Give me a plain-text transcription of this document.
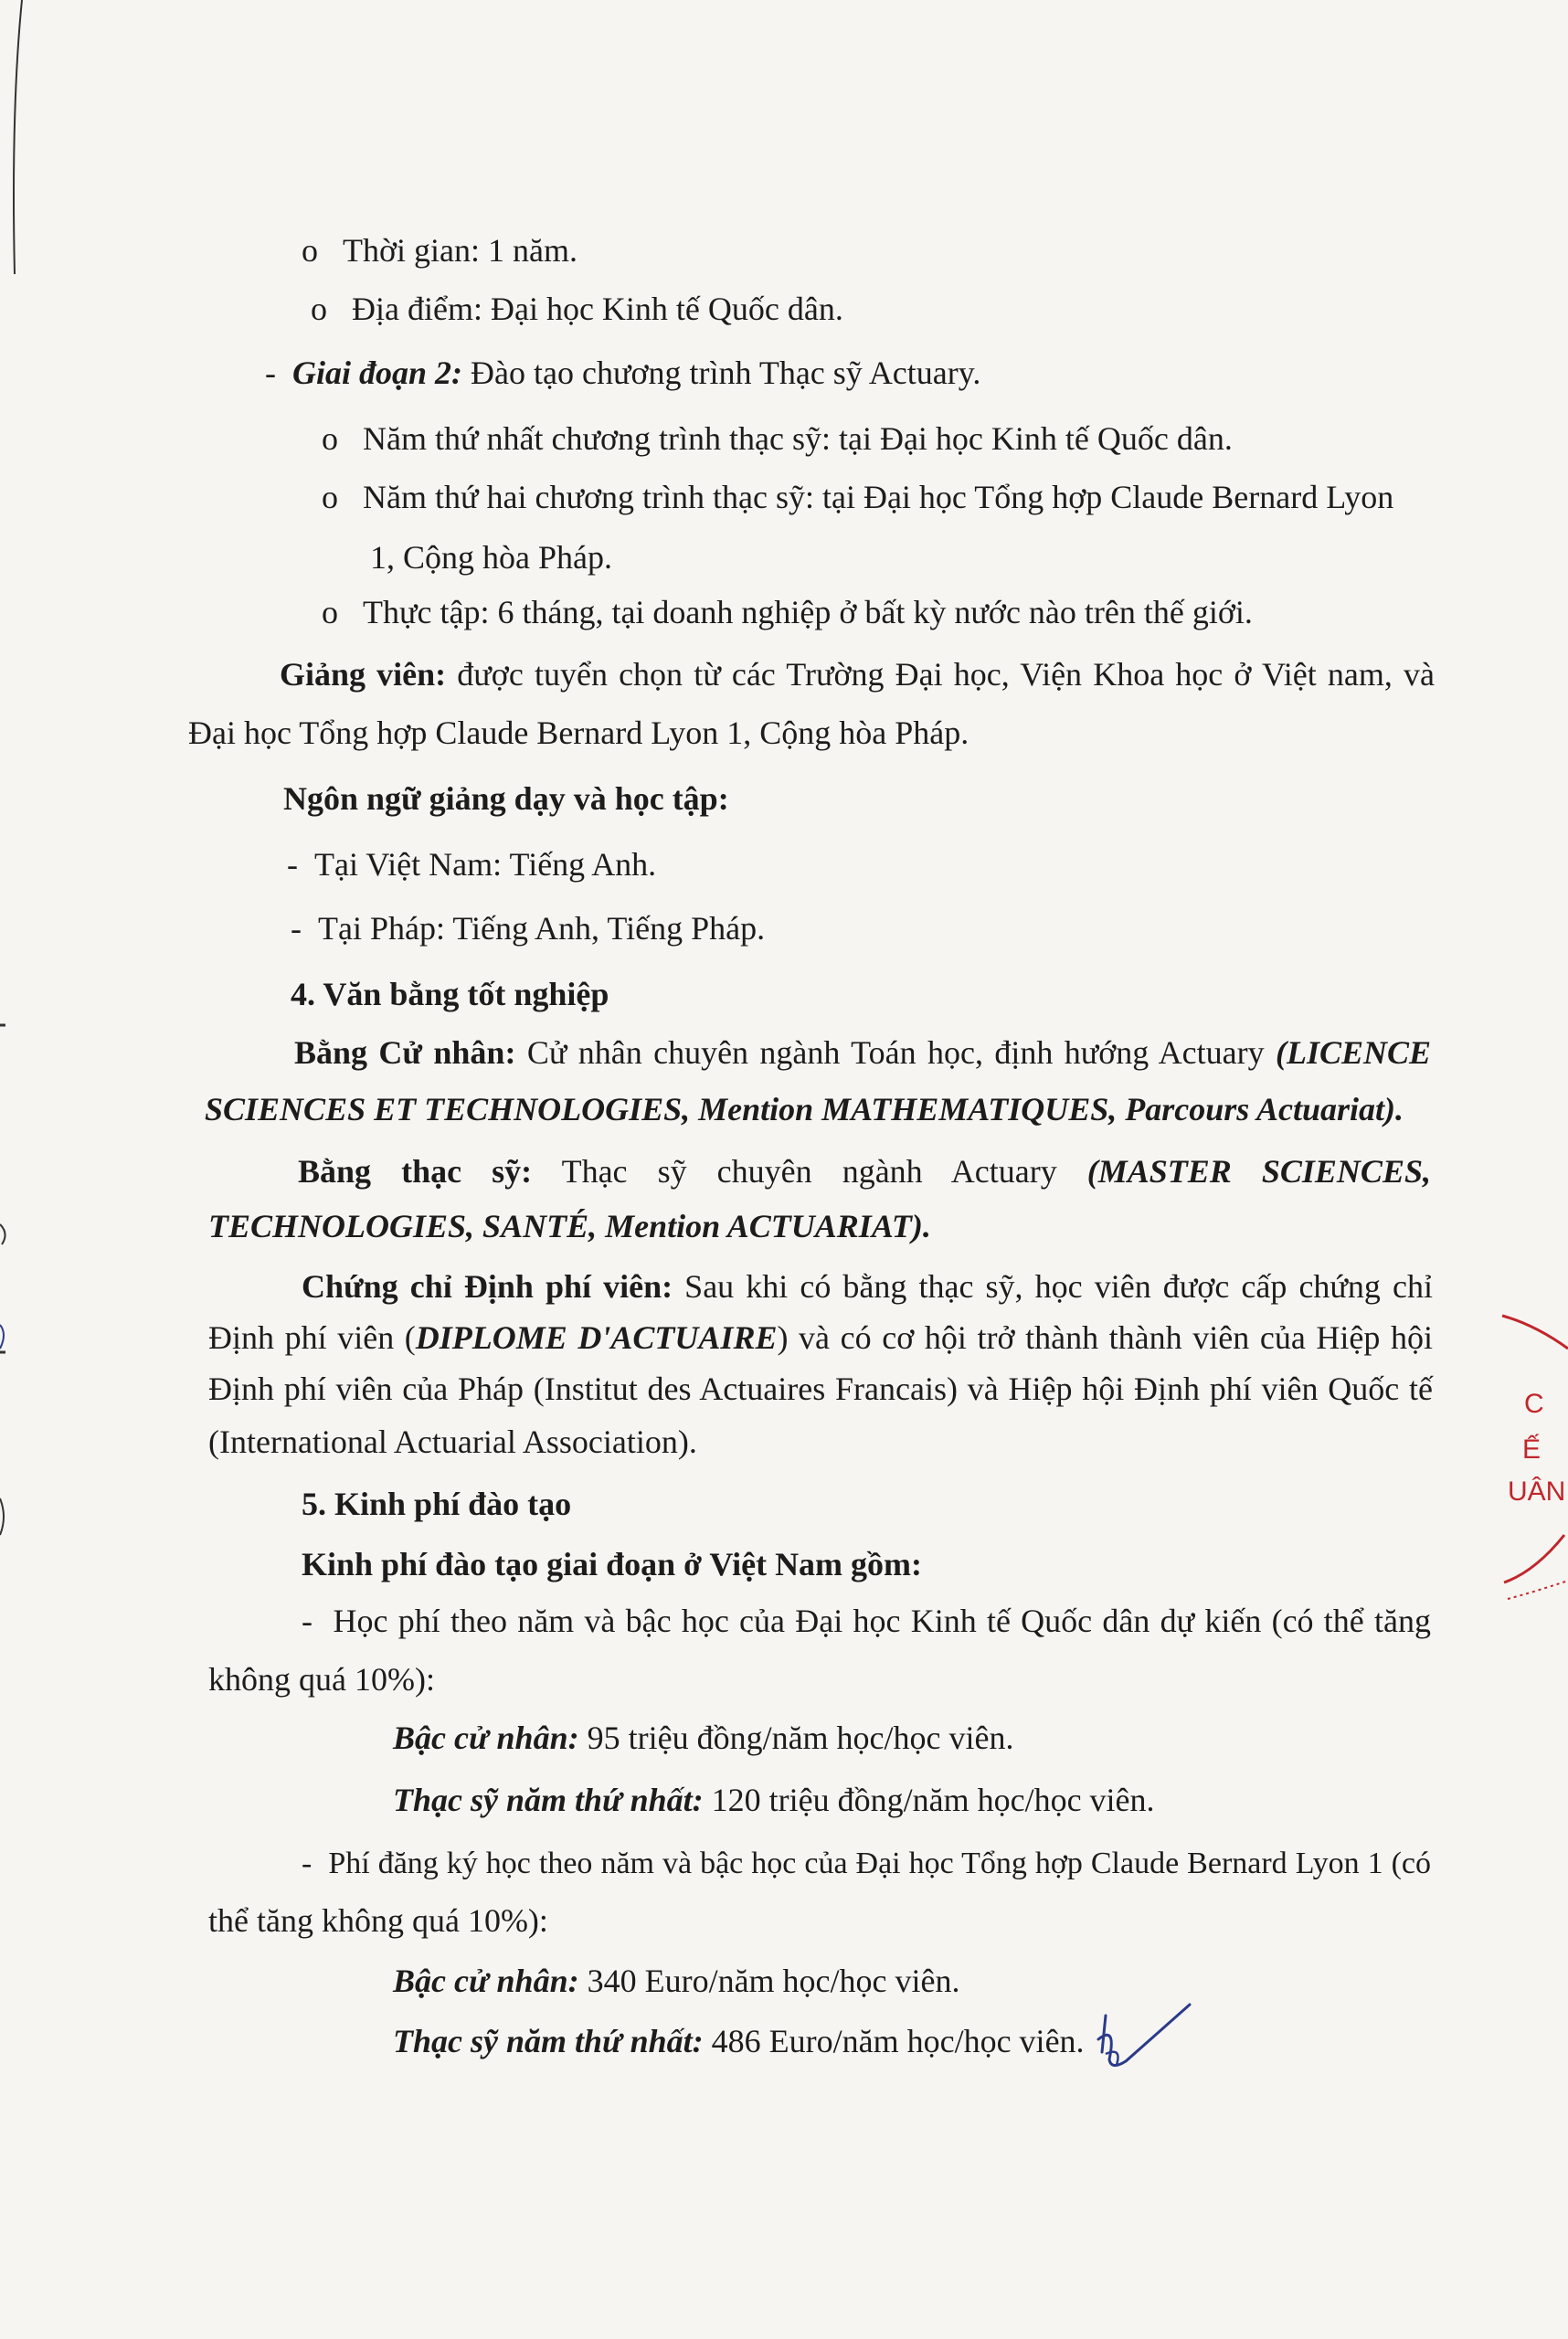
o Thời gian: 1 năm.

o Địa điểm: Đại học Kinh tế Quốc dân.

- Giai đoạn 2: Đào tạo chương trình Thạc sỹ Actuary.

o Năm thứ nhất chương trình thạc sỹ: tại Đại học Kinh tế Quốc dân.

o Năm thứ hai chương trình thạc sỹ: tại Đại học Tổng hợp Claude Bernard Lyon

1, Cộng hòa Pháp.

o Thực tập: 6 tháng, tại doanh nghiệp ở bất kỳ nước nào trên thế giới.

Giảng viên: được tuyển chọn từ các Trường Đại học, Viện Khoa học ở Việt nam, và

Đại học Tổng hợp Claude Bernard Lyon 1, Cộng hòa Pháp.

Ngôn ngữ giảng dạy và học tập:

- Tại Việt Nam: Tiếng Anh.

- Tại Pháp: Tiếng Anh, Tiếng Pháp.

4. Văn bằng tốt nghiệp

Bằng Cử nhân: Cử nhân chuyên ngành Toán học, định hướng Actuary (LICENCE

SCIENCES ET TECHNOLOGIES, Mention MATHEMATIQUES, Parcours Actuariat).

Bằng thạc sỹ: Thạc sỹ chuyên ngành Actuary (MASTER SCIENCES,

TECHNOLOGIES, SANTÉ, Mention ACTUARIAT).

Chứng chỉ Định phí viên: Sau khi có bằng thạc sỹ, học viên được cấp chứng chỉ

Định phí viên (DIPLOME D'ACTUAIRE) và có cơ hội trở thành thành viên của Hiệp hội

Định phí viên của Pháp (Institut des Actuaires Francais) và Hiệp hội Định phí viên Quốc tế

(International Actuarial Association).

5. Kinh phí đào tạo

Kinh phí đào tạo giai đoạn ở Việt Nam gồm:

- Học phí theo năm và bậc học của Đại học Kinh tế Quốc dân dự kiến (có thể tăng

không quá 10%):

Bậc cử nhân: 95 triệu đồng/năm học/học viên.

Thạc sỹ năm thứ nhất: 120 triệu đồng/năm học/học viên.

- Phí đăng ký học theo năm và bậc học của Đại học Tổng hợp Claude Bernard Lyon 1 (có

thể tăng không quá 10%):

Bậc cử nhân: 340 Euro/năm học/học viên.

Thạc sỹ năm thứ nhất: 486 Euro/năm học/học viên.

C
Ế
UÂN
